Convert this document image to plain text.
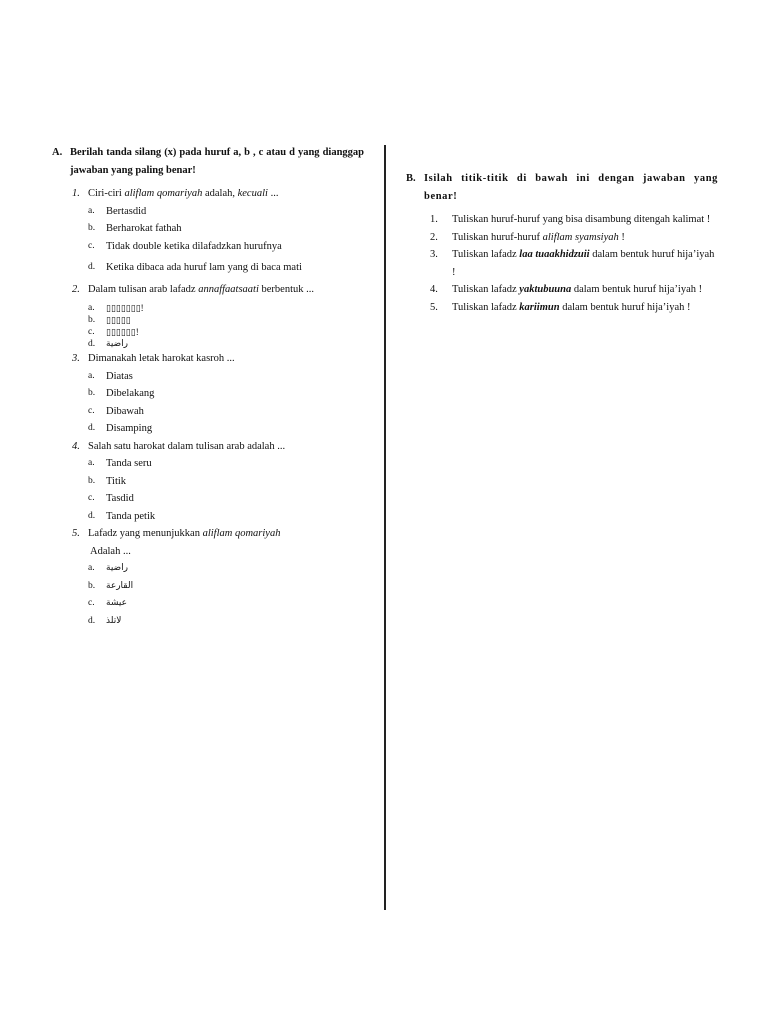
A. Berilah tanda silang (x) pada huruf a, b , c atau d yang dianggap jawaban yang paling benar!
1. Ciri-ciri aliflam qomariyah adalah, kecuali ...
a.	Bertasdid
b.	Berharokat fathah
c.	Tidak double ketika dilafadzkan hurufnya
d.	Ketika dibaca ada huruf lam yang di baca mati
2. Dalam tulisan arab lafadz annaffaatsaati berbentuk ...
a.	▯▯▯▯▯▯▯!
b.	▯▯▯▯▯
c.	▯▯▯▯▯▯!
d.	راضية
3. Dimanakah letak harokat kasroh ...
a.	Diatas
b.	Dibelakang
c.	Dibawah
d.	Disamping
4. Salah satu harokat dalam tulisan arab adalah ...
a.	Tanda seru
b.	Titik
c.	Tasdid
d.	Tanda petik
5. Lafadz yang menunjukkan aliflam qomariyah
Adalah ...
a.	راضية
b.	القارعة
c.	عيشة
d.	لاتلذ
B. Isilah titik-titik di bawah ini dengan jawaban yang benar!
1.	Tuliskan huruf-huruf yang bisa disambung ditengah kalimat !
2.	Tuliskan huruf-huruf aliflam syamsiyah !
3.	Tuliskan lafadz laa tuaakhidzuii dalam bentuk huruf hija’iyah !
4.	Tuliskan lafadz yaktubuuna dalam bentuk huruf hija’iyah !
5.	Tuliskan lafadz kariimun dalam bentuk huruf hija’iyah !
